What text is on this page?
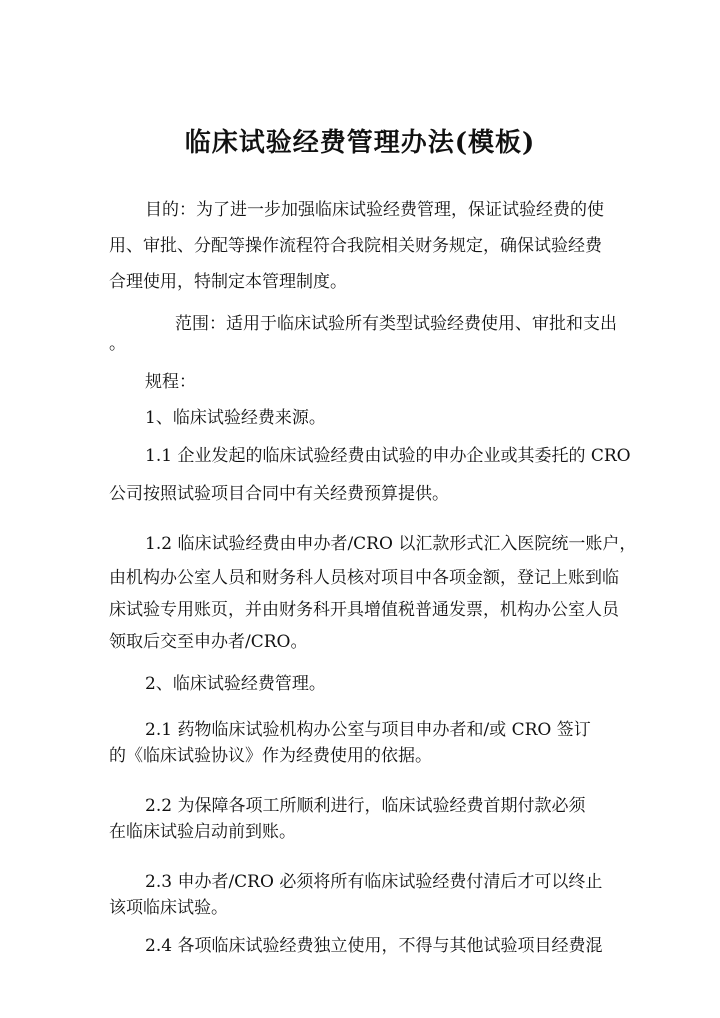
临床试验经费管理办法(模板)
目的：为了进一步加强临床试验经费管理，保证试验经费的使
用、审批、分配等操作流程符合我院相关财务规定，确保试验经费
合理使用，特制定本管理制度。
范围：适用于临床试验所有类型试验经费使用、审批和支出
。
规程：
1、临床试验经费来源。
1.1 企业发起的临床试验经费由试验的申办企业或其委托的 CRO
公司按照试验项目合同中有关经费预算提供。
1.2 临床试验经费由申办者/CRO 以汇款形式汇入医院统一账户，
由机构办公室人员和财务科人员核对项目中各项金额，登记上账到临
床试验专用账页，并由财务科开具增值税普通发票，机构办公室人员
领取后交至申办者/CRO。
2、临床试验经费管理。
2.1 药物临床试验机构办公室与项目申办者和/或 CRO 签订
的《临床试验协议》作为经费使用的依据。
2.2 为保障各项工所顺利进行，临床试验经费首期付款必须
在临床试验启动前到账。
2.3 申办者/CRO 必须将所有临床试验经费付清后才可以终止
该项临床试验。
2.4 各项临床试验经费独立使用，不得与其他试验项目经费混
